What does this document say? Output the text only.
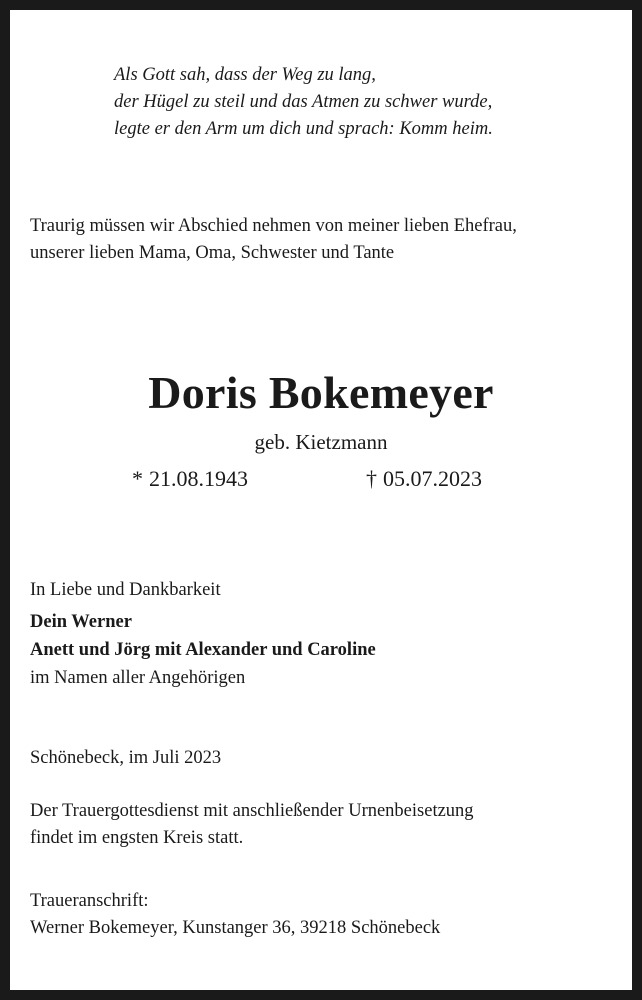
Als Gott sah, dass der Weg zu lang,
der Hügel zu steil und das Atmen zu schwer wurde,
legte er den Arm um dich und sprach: Komm heim.
Traurig müssen wir Abschied nehmen von meiner lieben Ehefrau,
unserer lieben Mama, Oma, Schwester und Tante
Doris Bokemeyer
geb. Kietzmann
* 21.08.1943	† 05.07.2023
In Liebe und Dankbarkeit
Dein Werner
Anett und Jörg mit Alexander und Caroline
im Namen aller Angehörigen
Schönebeck, im Juli 2023
Der Trauergottesdienst mit anschließender Urnenbeisetzung
findet im engsten Kreis statt.
Traueranschrift:
Werner Bokemeyer, Kunstanger 36, 39218 Schönebeck
